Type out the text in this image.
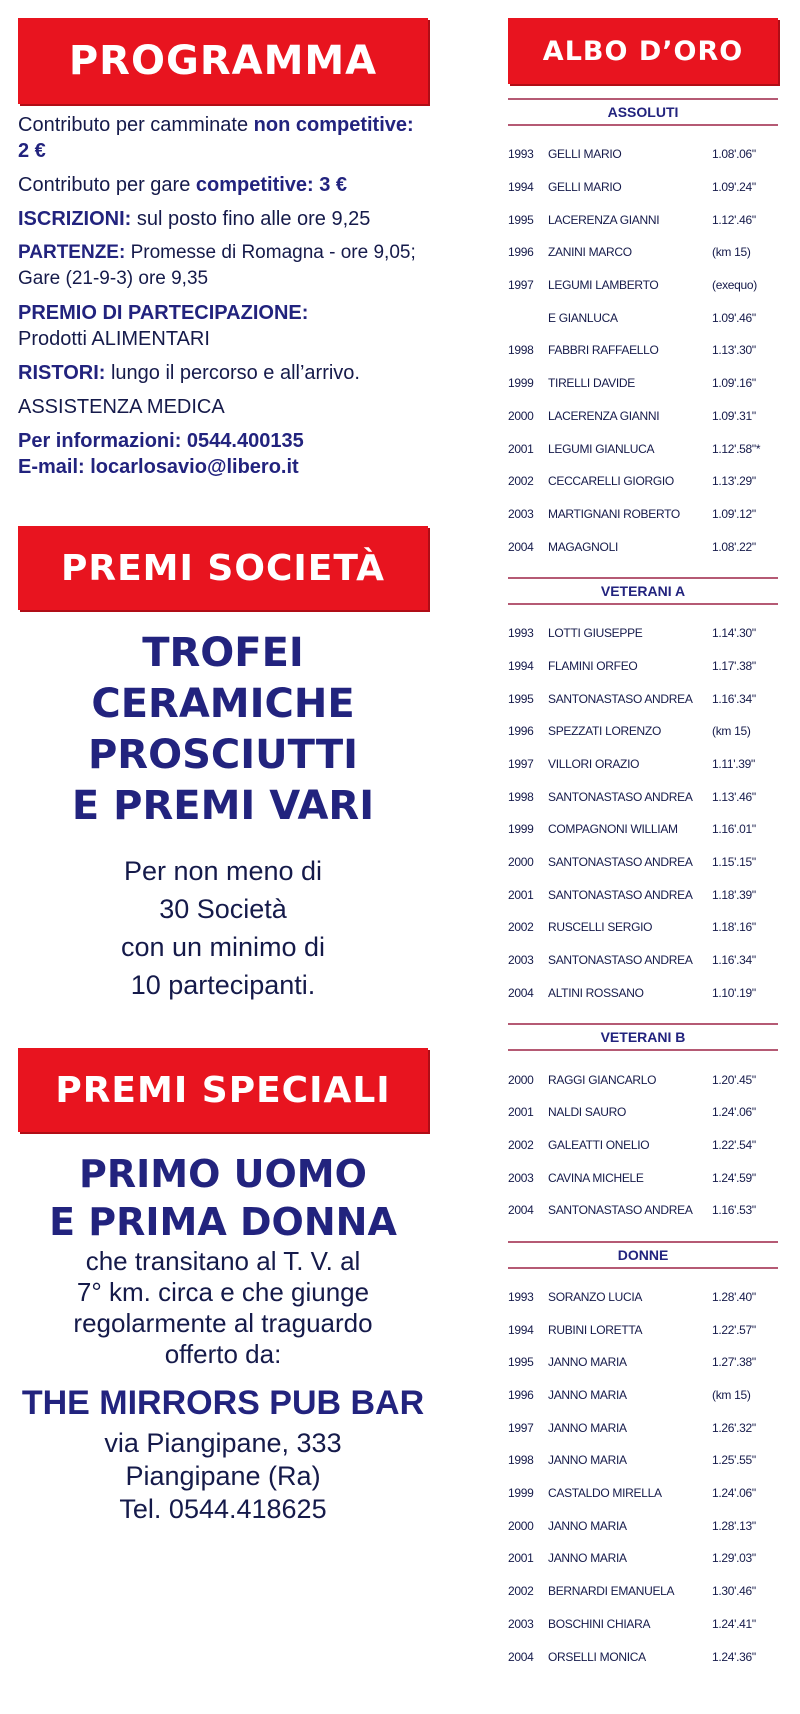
PROGRAMMA

Contributo per camminate non competitive: 2 €

Contributo per gare competitive: 3 €

ISCRIZIONI: sul posto fino alle ore 9,25

PARTENZE: Promesse di Romagna - ore 9,05; Gare (21-9-3) ore 9,35

PREMIO DI PARTECIPAZIONE:
Prodotti ALIMENTARI

RISTORI: lungo il percorso e all’arrivo.

ASSISTENZA MEDICA

Per informazioni: 0544.400135
E-mail: locarlosavio@libero.it

PREMI SOCIETÀ
TROFEI
CERAMICHE
PROSCIUTTI
E PREMI VARI
Per non meno di
30 Società
con un minimo di
10 partecipanti.
PREMI SPECIALI
PRIMO UOMO
E PRIMA DONNA
che transitano al T. V. al
7° km. circa e che giunge
regolarmente al traguardo
offerto da:
THE MIRRORS PUB BAR
via Piangipane, 333
Piangipane (Ra)
Tel. 0544.418625
ALBO D’ORO
ASSOLUTI
1993	GELLI MARIO	1.08'.06"
1994	GELLI MARIO	1.09'.24"
1995	LACERENZA GIANNI	1.12'.46"
1996	ZANINI MARCO	(km 15)
1997	LEGUMI LAMBERTO	(exequo)
E GIANLUCA	1.09'.46"
1998	FABBRI RAFFAELLO	1.13'.30"
1999	TIRELLI DAVIDE	1.09'.16"
2000	LACERENZA GIANNI	1.09'.31"
2001	LEGUMI GIANLUCA	1.12'.58"*
2002	CECCARELLI GIORGIO	1.13'.29"
2003	MARTIGNANI ROBERTO	1.09'.12"
2004	MAGAGNOLI	1.08'.22"
VETERANI A
1993	LOTTI GIUSEPPE	1.14'.30"
1994	FLAMINI ORFEO	1.17'.38"
1995	SANTONASTASO ANDREA	1.16'.34"
1996	SPEZZATI LORENZO	(km 15)
1997	VILLORI ORAZIO	1.11'.39"
1998	SANTONASTASO ANDREA	1.13'.46"
1999	COMPAGNONI WILLIAM	1.16'.01"
2000	SANTONASTASO ANDREA	1.15'.15"
2001	SANTONASTASO ANDREA	1.18'.39"
2002	RUSCELLI SERGIO	1.18'.16"
2003	SANTONASTASO ANDREA	1.16'.34"
2004	ALTINI ROSSANO	1.10'.19"
VETERANI B
2000	RAGGI GIANCARLO	1.20'.45"
2001	NALDI SAURO	1.24'.06"
2002	GALEATTI ONELIO	1.22'.54"
2003	CAVINA MICHELE	1.24'.59"
2004	SANTONASTASO ANDREA	1.16'.53"
DONNE
1993	SORANZO LUCIA	1.28'.40"
1994	RUBINI LORETTA	1.22'.57"
1995	JANNO MARIA	1.27'.38"
1996	JANNO MARIA	(km 15)
1997	JANNO MARIA	1.26'.32"
1998	JANNO MARIA	1.25'.55"
1999	CASTALDO MIRELLA	1.24'.06"
2000	JANNO MARIA	1.28'.13"
2001	JANNO MARIA	1.29'.03"
2002	BERNARDI EMANUELA	1.30'.46"
2003	BOSCHINI CHIARA	1.24'.41"
2004	ORSELLI MONICA	1.24'.36"
